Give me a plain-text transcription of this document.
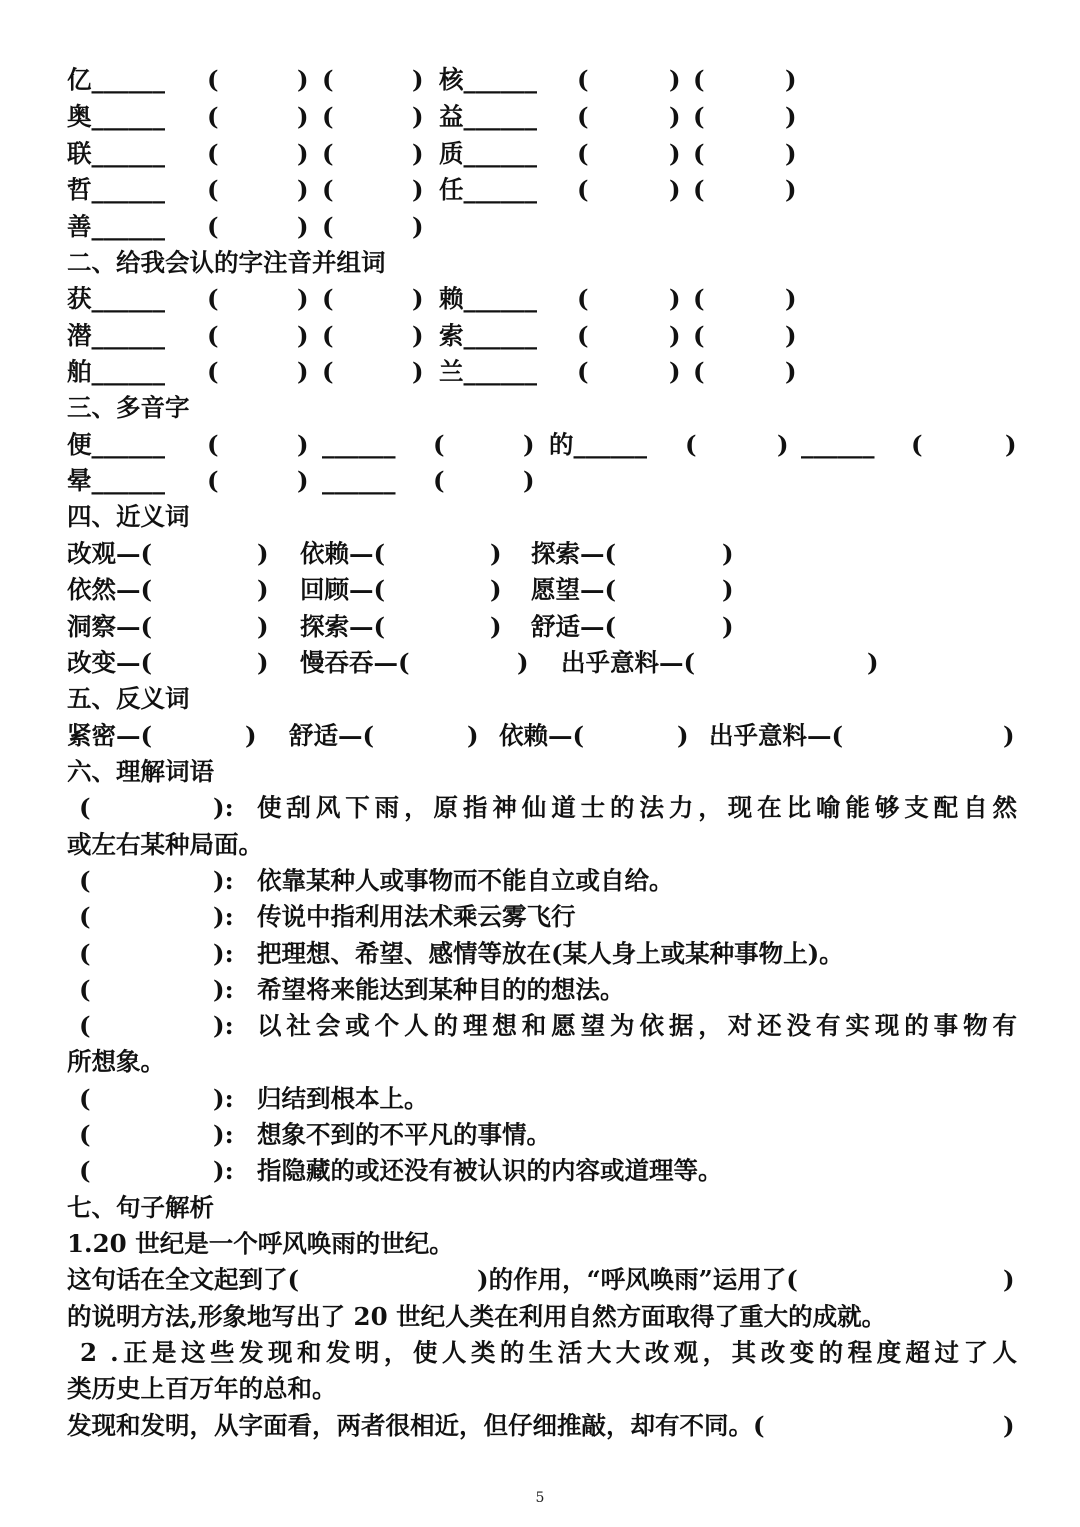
亿______ (	) (	) 核______ (	) (	)
奥______ (	) (	) 益______ (	) (	)
联______ (	) (	) 质______ (	) (	)
哲______ (	) (	) 任______ (	) (	)
善______ (	) (	)
二、给我会认的字注音并组词
获______ (	) (	) 赖______ (	) (	)
潜______ (	) (	) 索______ (	) (	)
舶______ (	) (	) 兰______ (	) (	)
三、多音字
便______ (	) ______ (	) 的______ (	) ______ (	)
晕______ (	) ______ (	)
四、近义词
改观—(	) 依赖—(	) 探索—(	)
依然—(	) 回顾—(	) 愿望—(	)
洞察—(	) 探索—(	) 舒适—(	)
改变—(	) 慢吞吞—(	) 出乎意料—(	)
五、反义词
紧密—(	) 舒适—(	) 依赖—(	) 出乎意料—(	)
六、理解词语
(	): 使刮风下雨，原指神仙道士的法力，现在比喻能够支配自然
或左右某种局面。
(	): 依靠某种人或事物而不能自立或自给。
(	): 传说中指利用法术乘云雾飞行
(	): 把理想、希望、感情等放在(某人身上或某种事物上)。
(	): 希望将来能达到某种目的的想法。
(	): 以社会或个人的理想和愿望为依据，对还没有实现的事物有
所想象。
(	): 归结到根本上。
(	): 想象不到的不平凡的事情。
(	): 指隐藏的或还没有被认识的内容或道理等。
七、句子解析
1.20 世纪是一个呼风唤雨的世纪。
这句话在全文起到了(	)的作用，“呼风唤雨”运用了(	)
的说明方法,形象地写出了 20 世纪人类在利用自然方面取得了重大的成就。
2 .正是这些发现和发明，使人类的生活大大改观，其改变的程度超过了人
类历史上百万年的总和。
发现和发明，从字面看，两者很相近，但仔细推敲，却有不同。(	)
5
